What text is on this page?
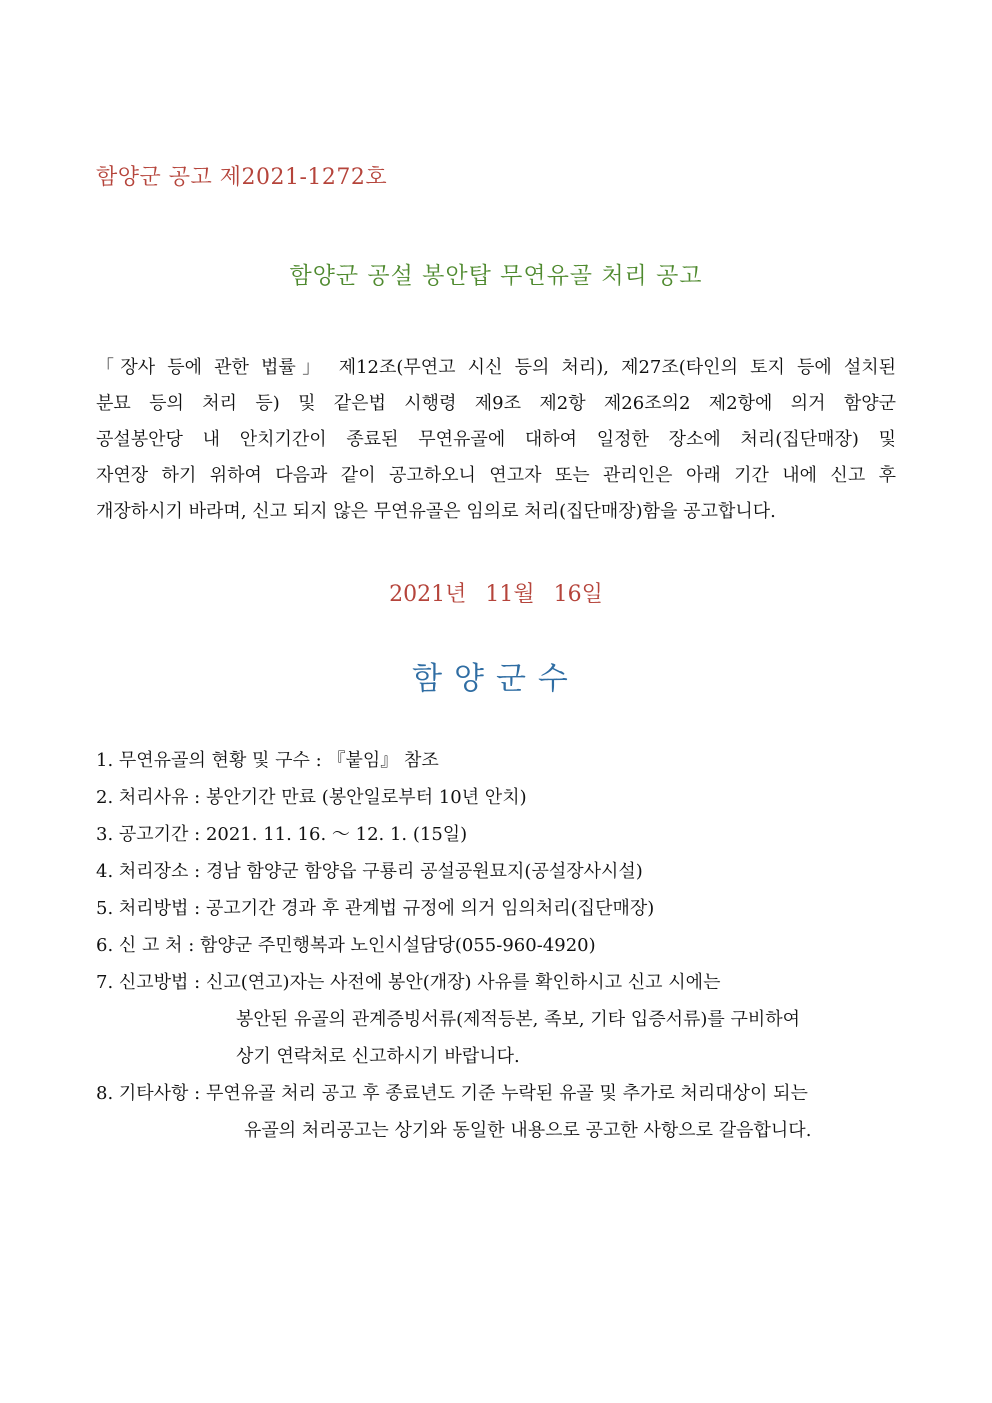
함양군 공고 제2021-1272호
함양군 공설 봉안탑 무연유골 처리 공고
「장사 등에 관한 법률」 제12조(무연고 시신 등의 처리), 제27조(타인의 토지 등에 설치된
분묘 등의 처리 등) 및 같은법 시행령 제9조 제2항 제26조의2 제2항에 의거 함양군
공설봉안당 내 안치기간이 종료된 무연유골에 대하여 일정한 장소에 처리(집단매장) 및
자연장 하기 위하여 다음과 같이 공고하오니 연고자 또는 관리인은 아래 기간 내에 신고 후
개장하시기 바라며, 신고 되지 않은 무연유골은 임의로 처리(집단매장)함을 공고합니다.
2021년 11월 16일
함양군수
1. 무연유골의 현황 및 구수 : 『붙임』 참조
2. 처리사유 : 봉안기간 만료 (봉안일로부터 10년 안치)
3. 공고기간 : 2021. 11. 16. ～ 12. 1. (15일)
4. 처리장소 : 경남 함양군 함양읍 구룡리 공설공원묘지(공설장사시설)
5. 처리방법 : 공고기간 경과 후 관계법 규정에 의거 임의처리(집단매장)
6. 신 고 처 : 함양군 주민행복과 노인시설담당(055-960-4920)
7. 신고방법 : 신고(연고)자는 사전에 봉안(개장) 사유를 확인하시고 신고 시에는
봉안된 유골의 관계증빙서류(제적등본, 족보, 기타 입증서류)를 구비하여
상기 연락처로 신고하시기 바랍니다.
8. 기타사항 : 무연유골 처리 공고 후 종료년도 기준 누락된 유골 및 추가로 처리대상이 되는
유골의 처리공고는 상기와 동일한 내용으로 공고한 사항으로 갈음합니다.
